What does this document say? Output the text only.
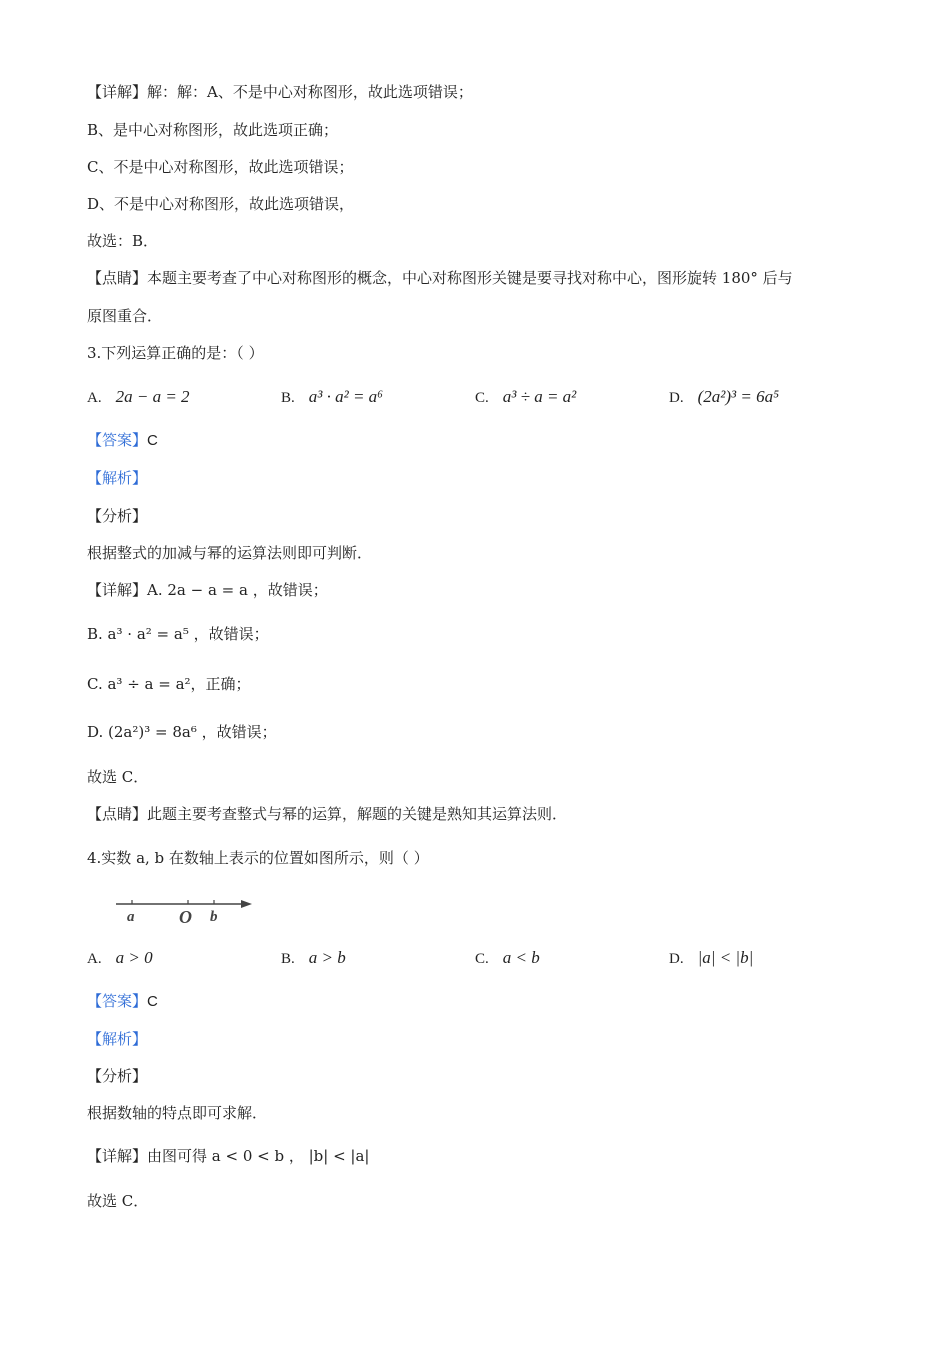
【详解】解：解：A、不是中心对称图形，故此选项错误；
B、是中心对称图形，故此选项正确；
C、不是中心对称图形，故此选项错误；
D、不是中心对称图形，故此选项错误，
故选：B．
【点睛】本题主要考查了中心对称图形的概念，中心对称图形关键是要寻找对称中心，图形旋转 180° 后与
原图重合．
3.下列运算正确的是：（ ）
A. 2a − a = 2	B. a³ · a² = a⁶	C. a³ ÷ a = a²	D. (2a²)³ = 6a⁵
【答案】C
【解析】
【分析】
根据整式的加减与幂的运算法则即可判断．
【详解】A. 2a − a = a ，故错误；
B. a³ · a² = a⁵ ，故错误；
C. a³ ÷ a = a²，正确；
D. (2a²)³ = 8a⁶ ，故错误；
故选 C．
【点睛】此题主要考查整式与幂的运算，解题的关键是熟知其运算法则．
4.实数 a, b 在数轴上表示的位置如图所示，则（ ）
a O b
A. a > 0	B. a > b	C. a < b	D. |a| < |b|
【答案】C
【解析】
【分析】
根据数轴的特点即可求解．
【详解】由图可得 a < 0 < b ， |b| < |a|
故选 C．
